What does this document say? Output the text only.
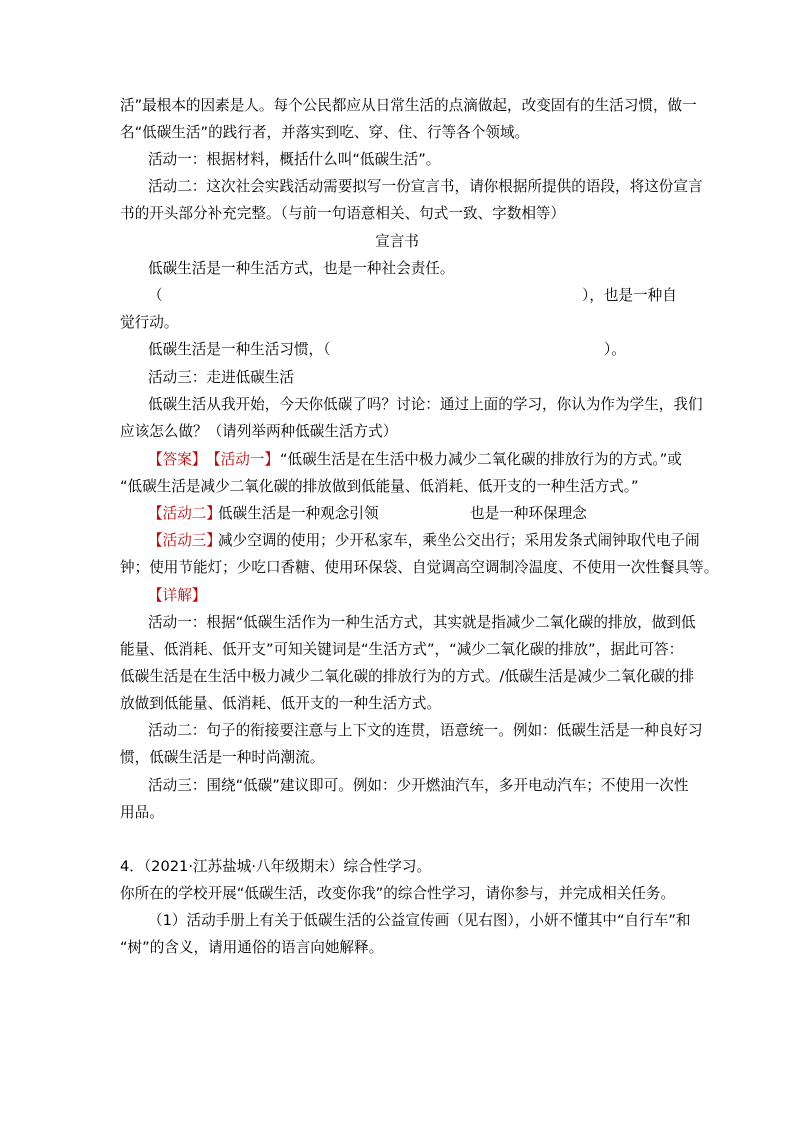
活”最根本的因素是人。每个公民都应从日常生活的点滴做起，改变固有的生活习惯，做一
名“低碳生活”的践行者，并落实到吃、穿、住、行等各个领域。
活动一：根据材料，概括什么叫“低碳生活”。
活动二：这次社会实践活动需要拟写一份宣言书，请你根据所提供的语段，将这份宣言
书的开头部分补充完整。（与前一句语意相关、句式一致、字数相等）
宣言书
低碳生活是一种生活方式，也是一种社会责任。
（	），也是一种自
觉行动。
低碳生活是一种生活习惯，（	）。
活动三：走进低碳生活
低碳生活从我开始，今天你低碳了吗？讨论：通过上面的学习，你认为作为学生，我们
应该怎么做？（请列举两种低碳生活方式）
【答案】 【活动一】 “低碳生活是在生活中极力减少二氧化碳的排放行为的方式。”或
“低碳生活是减少二氧化碳的排放做到低能量、低消耗、低开支的一种生活方式。”
【活动二】
低碳生活是一种观念引领	也是一种环保理念
【活动三】
减少空调的使用；少开私家车，乘坐公交出行；采用发条式闹钟取代电子闹
钟；使用节能灯；少吃口香糖、使用环保袋、自觉调高空调制冷温度、不使用一次性餐具等。
【详解】
活动一：根据“低碳生活作为一种生活方式，其实就是指减少二氧化碳的排放，做到低
能量、低消耗、低开支”可知关键词是“生活方式”，“减少二氧化碳的排放”，据此可答：
低碳生活是在生活中极力减少二氧化碳的排放行为的方式。/低碳生活是减少二氧化碳的排
放做到低能量、低消耗、低开支的一种生活方式。
活动二：句子的衔接要注意与上下文的连贯，语意统一。例如：低碳生活是一种良好习
惯，低碳生活是一种时尚潮流。
活动三：围绕“低碳”建议即可。例如：少开燃油汽车，多开电动汽车；不使用一次性
用品。
4．（2021·江苏盐城·八年级期末）综合性学习。
你所在的学校开展“低碳生活，改变你我”的综合性学习，请你参与，并完成相关任务。
（1）活动手册上有关于低碳生活的公益宣传画（见右图），小妍不懂其中“自行车”和
“树”的含义，请用通俗的语言向她解释。
